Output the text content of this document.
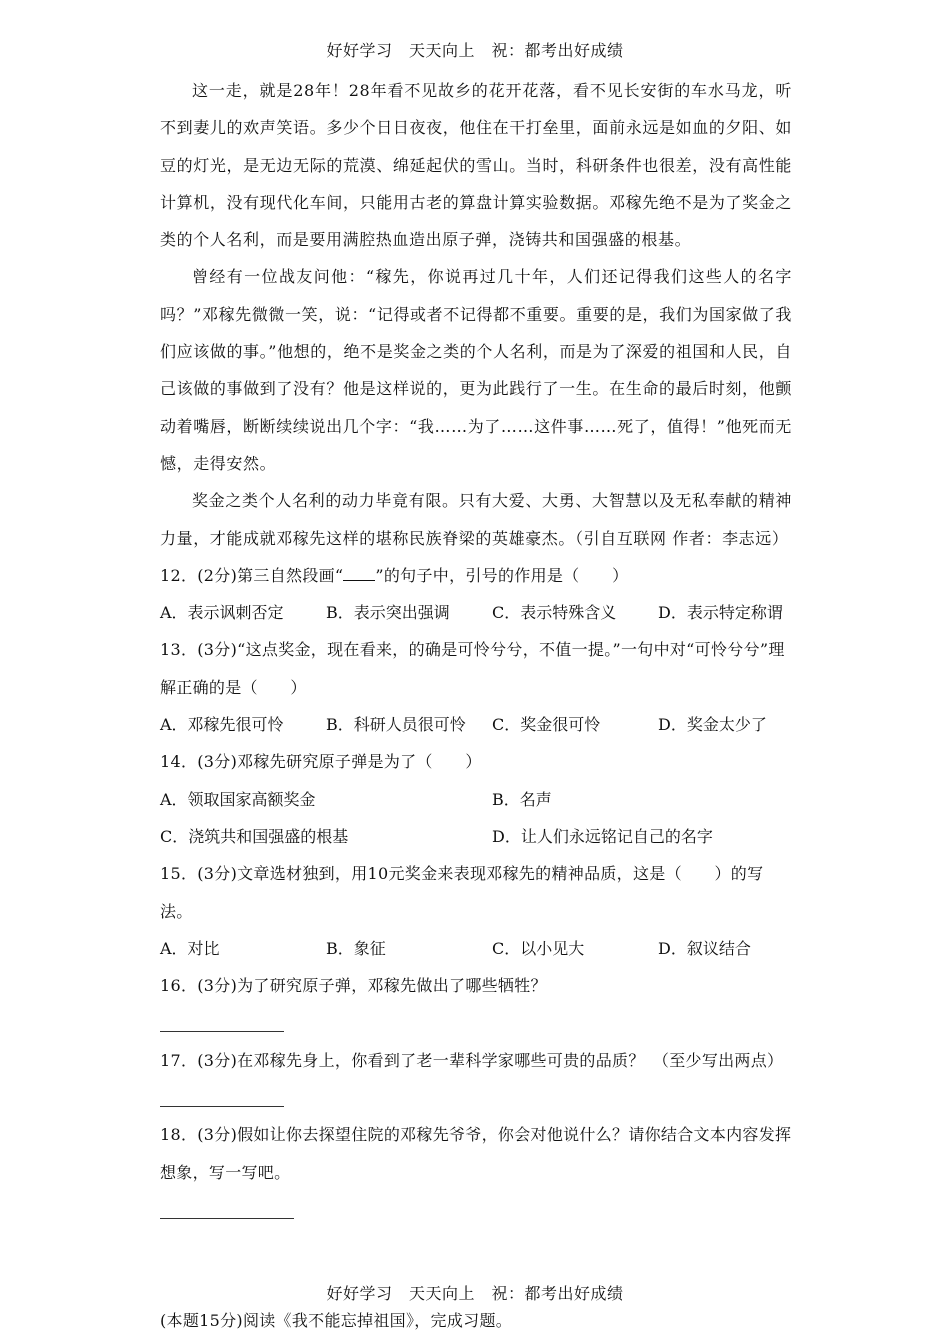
好好学习　天天向上　祝：都考出好成绩

这一走，就是28年！28年看不见故乡的花开花落，看不见长安街的车水马龙，听不到妻儿的欢声笑语。多少个日日夜夜，他住在干打垒里，面前永远是如血的夕阳、如豆的灯光，是无边无际的荒漠、绵延起伏的雪山。当时，科研条件也很差，没有高性能计算机，没有现代化车间，只能用古老的算盘计算实验数据。邓稼先绝不是为了奖金之类的个人名利，而是要用满腔热血造出原子弹，浇铸共和国强盛的根基。

曾经有一位战友问他：“稼先，你说再过几十年，人们还记得我们这些人的名字吗？”邓稼先微微一笑，说：“记得或者不记得都不重要。重要的是，我们为国家做了我们应该做的事。”他想的，绝不是奖金之类的个人名利，而是为了深爱的祖国和人民，自己该做的事做到了没有？他是这样说的，更为此践行了一生。在生命的最后时刻，他颤动着嘴唇，断断续续说出几个字：“我……为了……这件事……死了，值得！”他死而无憾，走得安然。

奖金之类个人名利的动力毕竟有限。只有大爱、大勇、大智慧以及无私奉献的精神力量，才能成就邓稼先这样的堪称民族脊梁的英雄豪杰。（引自互联网 作者：李志远）

12．(2分)第三自然段画“ ”的句子中，引号的作用是（　　）

A．表示讽刺否定	B．表示突出强调	C．表示特殊含义	D．表示特定称谓

13．(3分)“这点奖金，现在看来，的确是可怜兮兮，不值一提。”一句中对“可怜兮兮”理解正确的是（　　）

A．邓稼先很可怜	B．科研人员很可怜	C．奖金很可怜	D．奖金太少了

14．(3分)邓稼先研究原子弹是为了（　　）

A．领取国家高额奖金	B．名声
C．浇筑共和国强盛的根基	D．让人们永远铭记自己的名字

15．(3分)文章选材独到，用10元奖金来表现邓稼先的精神品质，这是（　　）的写法。

A．对比	B．象征	C．以小见大	D．叙议结合

16．(3分)为了研究原子弹，邓稼先做出了哪些牺牲？

17．(3分)在邓稼先身上，你看到了老一辈科学家哪些可贵的品质？　（至少写出两点）

18．(3分)假如让你去探望住院的邓稼先爷爷，你会对他说什么？请你结合文本内容发挥想象，写一写吧。

(本题15分)阅读《我不能忘掉祖国》，完成习题。

好好学习　天天向上　祝：都考出好成绩
